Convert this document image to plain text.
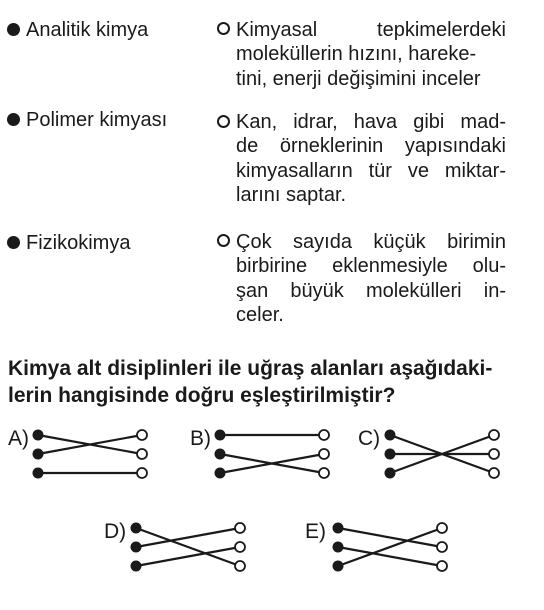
Analitik kimya
Polimer kimyası
Fizikokimya
Kimyasal tepkimelerdeki
moleküllerin hızını, hareke-
tini, enerji değişimini inceler
Kan, idrar, hava gibi mad-
de örneklerinin yapısındaki
kimyasalların tür ve miktar-
larını saptar.
Çok sayıda küçük birimin
birbirine eklenmesiyle olu-
şan büyük molekülleri in-
celer.
Kimya alt disiplinleri ile uğraş alanları aşağıdaki-
lerin hangisinde doğru eşleştirilmiştir?
A)	B)	C)
D)	E)
